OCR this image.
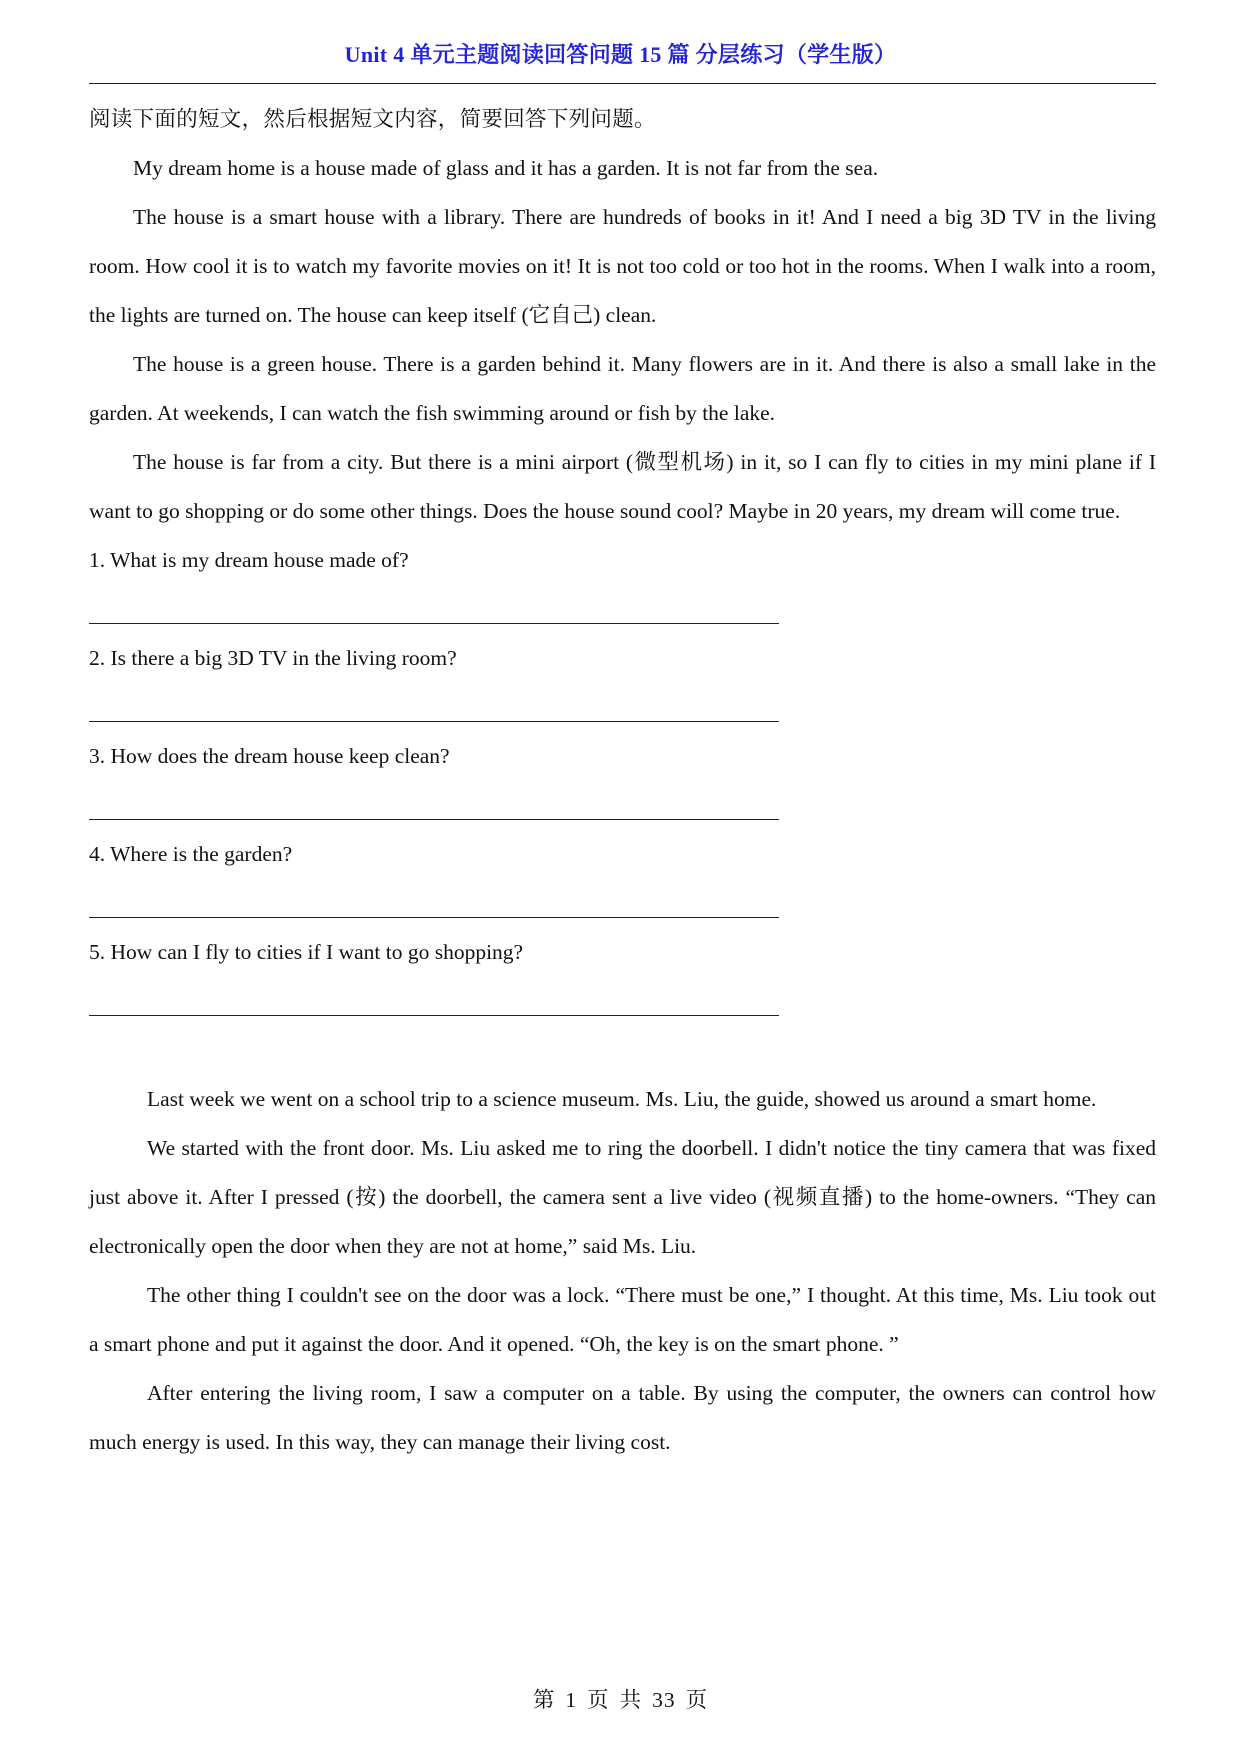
Unit 4 单元主题阅读回答问题 15 篇 分层练习（学生版）

阅读下面的短文，然后根据短文内容，简要回答下列问题。

My dream home is a house made of glass and it has a garden. It is not far from the sea.

The house is a smart house with a library. There are hundreds of books in it! And I need a big 3D TV in the living room. How cool it is to watch my favorite movies on it! It is not too cold or too hot in the rooms. When I walk into a room, the lights are turned on. The house can keep itself (它自己) clean.

The house is a green house. There is a garden behind it. Many flowers are in it. And there is also a small lake in the garden. At weekends, I can watch the fish swimming around or fish by the lake.

The house is far from a city. But there is a mini airport (微型机场) in it, so I can fly to cities in my mini plane if I want to go shopping or do some other things. Does the house sound cool? Maybe in 20 years, my dream will come true.

1. What is my dream house made of?

2. Is there a big 3D TV in the living room?

3. How does the dream house keep clean?

4. Where is the garden?

5. How can I fly to cities if I want to go shopping?

Last week we went on a school trip to a science museum. Ms. Liu, the guide, showed us around a smart home.

We started with the front door. Ms. Liu asked me to ring the doorbell. I didn't notice the tiny camera that was fixed just above it. After I pressed (按) the doorbell, the camera sent a live video (视频直播) to the home-owners. “They can electronically open the door when they are not at home,” said Ms. Liu.

The other thing I couldn't see on the door was a lock. “There must be one,” I thought. At this time, Ms. Liu took out a smart phone and put it against the door. And it opened. “Oh, the key is on the smart phone. ”

After entering the living room, I saw a computer on a table. By using the computer, the owners can control how much energy is used. In this way, they can manage their living cost.

第 1 页 共 33 页
